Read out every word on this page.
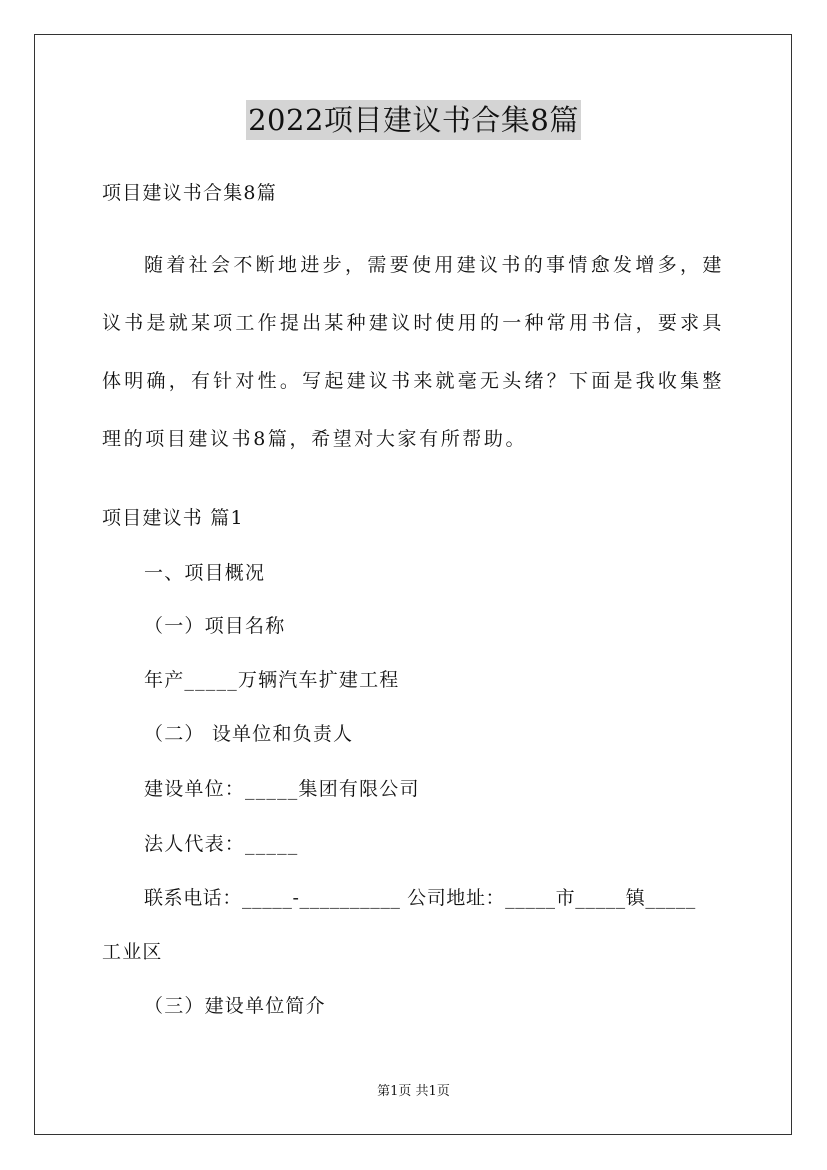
2022项目建议书合集8篇
项目建议书合集8篇

随着社会不断地进步，需要使用建议书的事情愈发增多，建议书是就某项工作提出某种建议时使用的一种常用书信，要求具体明确，有针对性。写起建议书来就毫无头绪？下面是我收集整理的项目建议书8篇，希望对大家有所帮助。

项目建议书 篇1
一、项目概况
（一）项目名称
年产_____万辆汽车扩建工程
（二） 设单位和负责人
建设单位：_____集团有限公司
法人代表：_____
联系电话：_____-__________ 公司地址：_____市_____镇_____
工业区
（三）建设单位简介
第1页 共1页
